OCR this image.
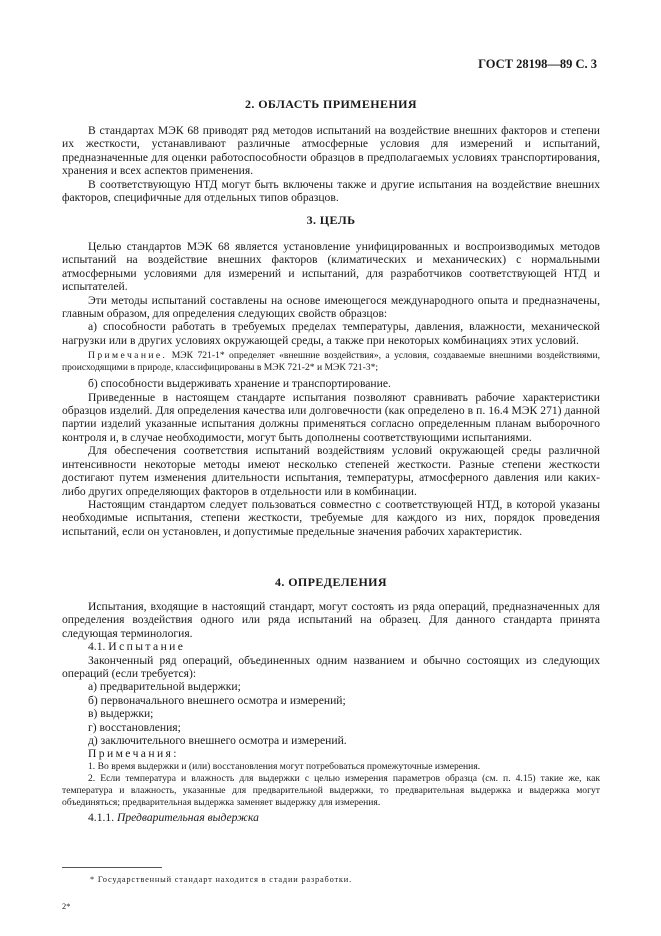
ГОСТ 28198—89 С. 3
2. ОБЛАСТЬ ПРИМЕНЕНИЯ

В стандартах МЭК 68 приводят ряд методов испытаний на воздействие внешних факторов и степени их жесткости, устанавливают различные атмосферные условия для измерений и испытаний, предназначенные для оценки работоспособности образцов в предполагаемых условиях транспортирования, хранения и всех аспектов применения.

В соответствующую НТД могут быть включены также и другие испытания на воздействие внешних факторов, специфичные для отдельных типов образцов.

3. ЦЕЛЬ

Целью стандартов МЭК 68 является установление унифицированных и воспроизводимых методов испытаний на воздействие внешних факторов (климатических и механических) с нормальными атмосферными условиями для измерений и испытаний, для разработчиков соответствующей НТД и испытателей.

Эти методы испытаний составлены на основе имеющегося международного опыта и предназначены, главным образом, для определения следующих свойств образцов:

а) способности работать в требуемых пределах температуры, давления, влажности, механической нагрузки или в других условиях окружающей среды, а также при некоторых комбинациях этих условий.

Примечание. МЭК 721-1* определяет «внешние воздействия», а условия, создаваемые внешними воздействиями, происходящими в природе, классифицированы в МЭК 721-2* и МЭК 721-3*;

б) способности выдерживать хранение и транспортирование.

Приведенные в настоящем стандарте испытания позволяют сравнивать рабочие характеристики образцов изделий. Для определения качества или долговечности (как определено в п. 16.4 МЭК 271) данной партии изделий указанные испытания должны применяться согласно определенным планам выборочного контроля и, в случае необходимости, могут быть дополнены соответствующими испытаниями.

Для обеспечения соответствия испытаний воздействиям условий окружающей среды различной интенсивности некоторые методы имеют несколько степеней жесткости. Разные степени жесткости достигают путем изменения длительности испытания, температуры, атмосферного давления или каких-либо других определяющих факторов в отдельности или в комбинации.

Настоящим стандартом следует пользоваться совместно с соответствующей НТД, в которой указаны необходимые испытания, степени жесткости, требуемые для каждого из них, порядок проведения испытаний, если он установлен, и допустимые предельные значения рабочих характеристик.

4. ОПРЕДЕЛЕНИЯ

Испытания, входящие в настоящий стандарт, могут состоять из ряда операций, предназначенных для определения воздействия одного или ряда испытаний на образец. Для данного стандарта принята следующая терминология.

4.1. Испытание

Законченный ряд операций, объединенных одним названием и обычно состоящих из следующих операций (если требуется):

а) предварительной выдержки;

б) первоначального внешнего осмотра и измерений;

в) выдержки;

г) восстановления;

д) заключительного внешнего осмотра и измерений.

Примечания:

1. Во время выдержки и (или) восстановления могут потребоваться промежуточные измерения.

2. Если температура и влажность для выдержки с целью измерения параметров образца (см. п. 4.15) такие же, как температура и влажность, указанные для предварительной выдержки, то предварительная выдержка и выдержка могут объединяться; предварительная выдержка заменяет выдержку для измерения.

4.1.1. Предварительная выдержка

* Государственный стандарт находится в стадии разработки.
2*
